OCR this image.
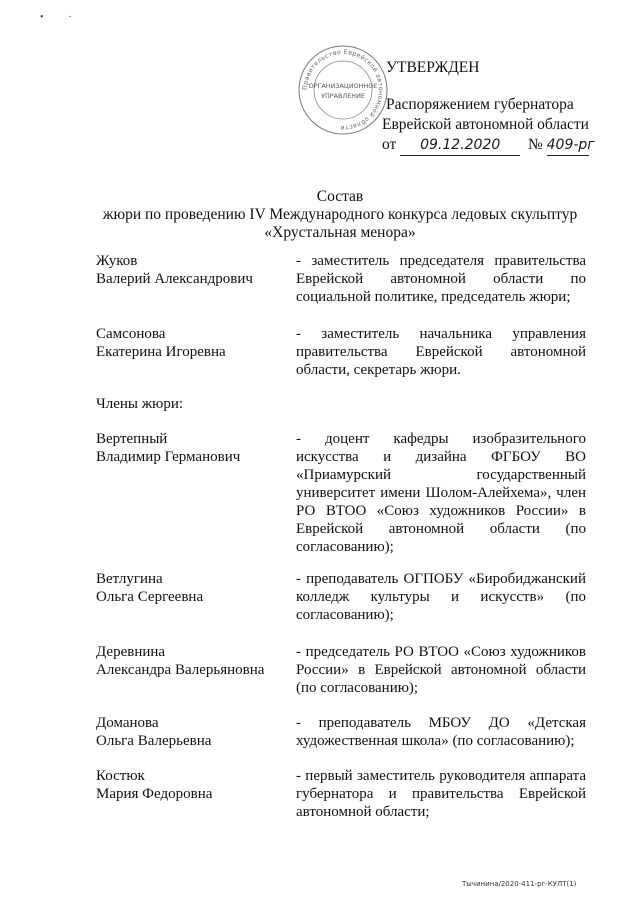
•          ·
Правительство Еврейской автономной области
ОРГАНИЗАЦИОННОЕ
УПРАВЛЕНИЕ
УТВЕРЖДЕН
Распоряжением губернатора
Еврейской автономной области
от 09.12.2020 № 409-рг
Состав
жюри по проведению IV Международного конкурса ледовых скульптур
«Хрустальная менора»
Жуков
Валерий Александрович
- заместитель председателя правительства Еврейской автономной области по социальной политике, председатель жюри;
Самсонова
Екатерина Игоревна
- заместитель начальника управления правительства Еврейской автономной области, секретарь жюри.
Члены жюри:
Вертепный
Владимир Германович
- доцент кафедры изобразительного искусства и дизайна ФГБОУ ВО «Приамурский государственный университет имени Шолом-Алейхема», член РО ВТОО «Союз художников России» в Еврейской автономной области (по согласованию);
Ветлугина
Ольга Сергеевна
- преподаватель ОГПОБУ «Биробиджанский колледж культуры и искусств» (по согласованию);
Деревнина
Александра Валерьяновна
- председатель РО ВТОО «Союз художников России» в Еврейской автономной области (по согласованию);
Доманова
Ольга Валерьевна
- преподаватель МБОУ ДО «Детская художественная школа» (по согласованию);
Костюк
Мария Федоровна
- первый заместитель руководителя аппарата губернатора и правительства Еврейской автономной области;
Тычинина/2020-411-рг-КУЛТ(1)
